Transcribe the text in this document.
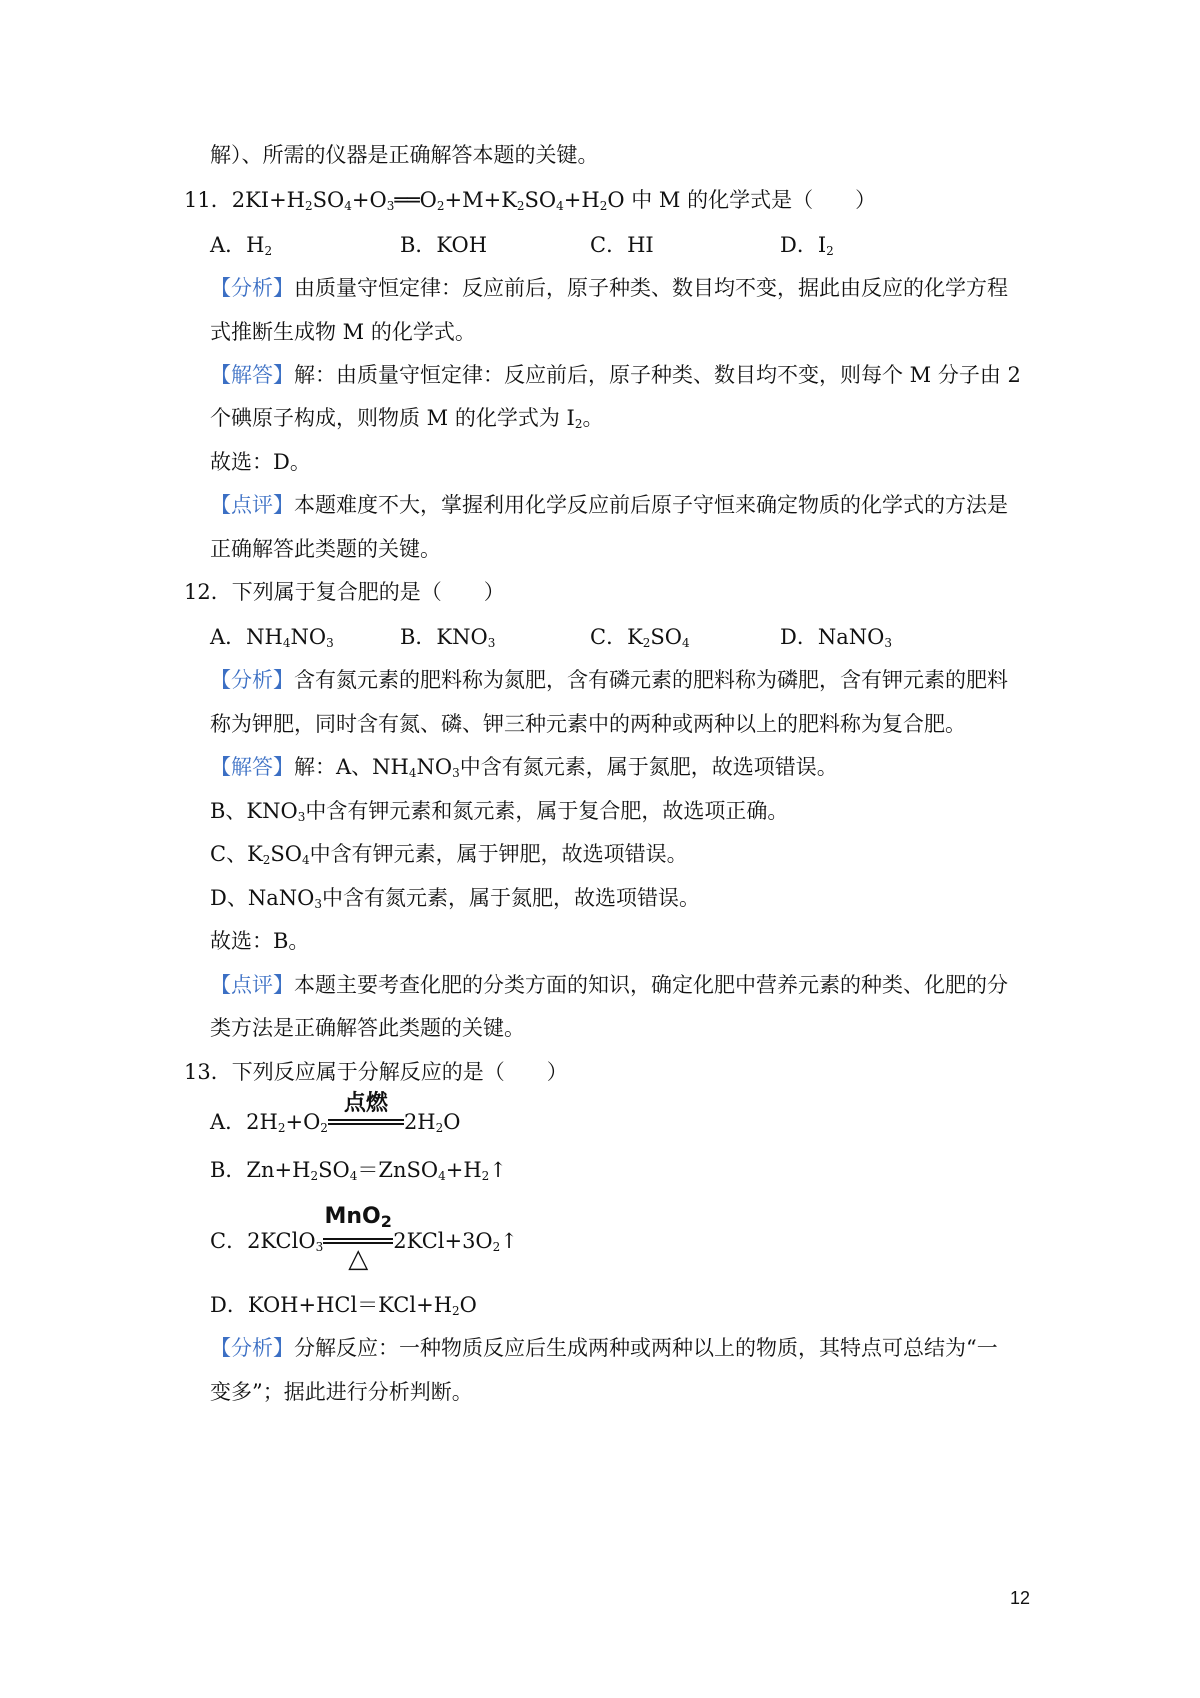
解）、所需的仪器是正确解答本题的关键。
11．$2KI+H_2SO_4+O_3══O_2+M+K_2SO_4+H_2O$ 中 M 的化学式是（　　）
A．$H_2$	B．KOH	C．HI	D．$I_2$
【分析】由质量守恒定律：反应前后，原子种类、数目均不变，据此由反应的化学方程
式推断生成物 M 的化学式。
【解答】解：由质量守恒定律：反应前后，原子种类、数目均不变，则每个 M 分子由 2
个碘原子构成，则物质 M 的化学式为 $I_2$。
故选：D。
【点评】本题难度不大，掌握利用化学反应前后原子守恒来确定物质的化学式的方法是
正确解答此类题的关键。
12．下列属于复合肥的是（　　）
A．$NH_4NO_3$	B．$KNO_3$	C．$K_2SO_4$	D．NaNO$_3$
【分析】含有氮元素的肥料称为氮肥，含有磷元素的肥料称为磷肥，含有钾元素的肥料
称为钾肥，同时含有氮、磷、钾三种元素中的两种或两种以上的肥料称为复合肥。
【解答】解：A、$NH_4NO_3$中含有氮元素，属于氮肥，故选项错误。
B、$KNO_3$中含有钾元素和氮元素，属于复合肥，故选项正确。
C、$K_2SO_4$中含有钾元素，属于钾肥，故选项错误。
D、NaNO$_3$中含有氮元素，属于氮肥，故选项错误。
故选：B。
【点评】本题主要考查化肥的分类方面的知识，确定化肥中营养元素的种类、化肥的分
类方法是正确解答此类题的关键。
13．下列反应属于分解反应的是（　　）
A．$2H_2+O_2$
点燃
$2H_2O$
B．$Zn+H_2SO_4=ZnSO_4+H_2↑$
C．2KClO$_3$
MnO$_2$
△
$2KCl+3O_2↑$
D．$KOH+HCl=KCl+H_2O$
【分析】分解反应：一种物质反应后生成两种或两种以上的物质，其特点可总结为“一
变多”；据此进行分析判断。
12
